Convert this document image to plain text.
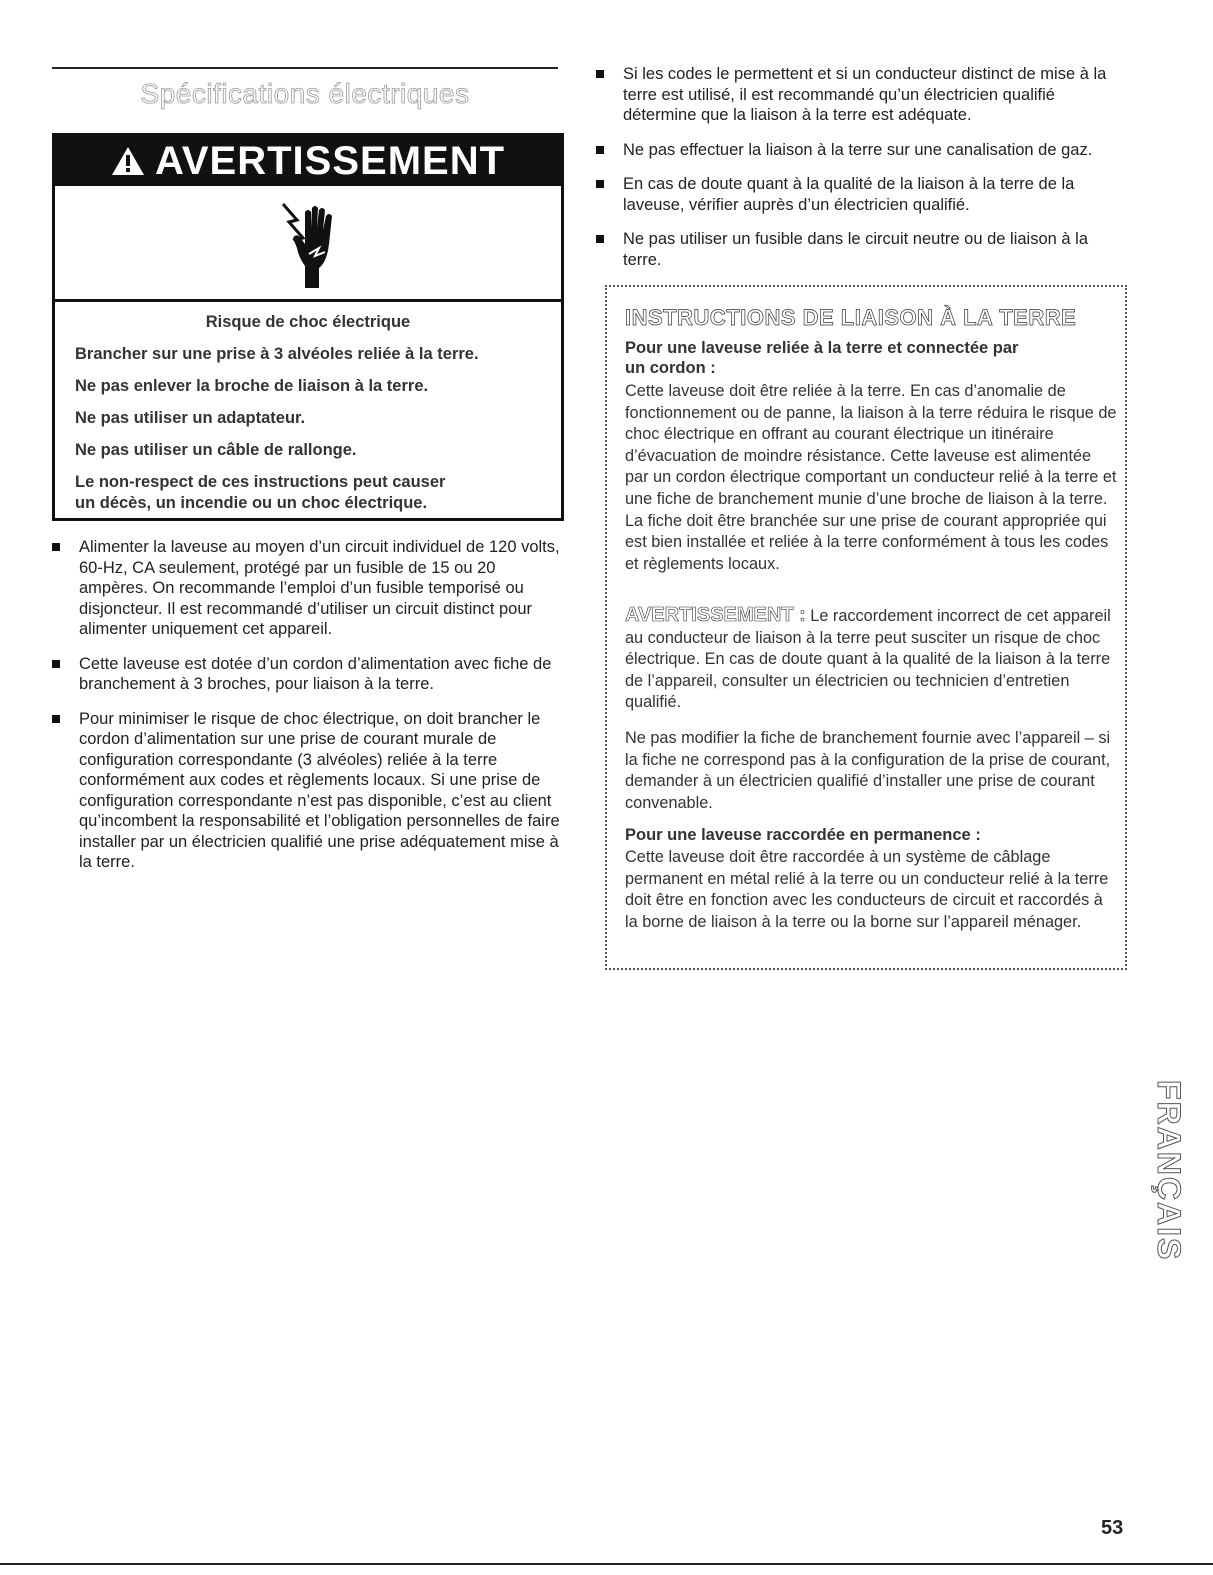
Spécifications électriques
AVERTISSEMENT
Risque de choc électrique
Brancher sur une prise à 3 alvéoles reliée à la terre.
Ne pas enlever la broche de liaison à la terre.
Ne pas utiliser un adaptateur.
Ne pas utiliser un câble de rallonge.
Le non-respect de ces instructions peut causer
un décès, un incendie ou un choc électrique.
Alimenter la laveuse au moyen d’un circuit individuel de 120 volts, 60-Hz, CA seulement, protégé par un fusible de 15 ou 20 ampères. On recommande l’emploi d’un fusible temporisé ou disjoncteur. Il est recommandé d’utiliser un circuit distinct pour alimenter uniquement cet appareil.
Cette laveuse est dotée d’un cordon d’alimentation avec fiche de branchement à 3 broches, pour liaison à la terre.
Pour minimiser le risque de choc électrique, on doit brancher le cordon d’alimentation sur une prise de courant murale de configuration correspondante (3 alvéoles) reliée à la terre conformément aux codes et règlements locaux. Si une prise de configuration correspondante n’est pas disponible, c’est au client qu’incombent la responsabilité et l’obligation personnelles de faire installer par un électricien qualifié une prise adéquatement mise à la terre.
Si les codes le permettent et si un conducteur distinct de mise à la terre est utilisé, il est recommandé qu’un électricien qualifié détermine que la liaison à la terre est adéquate.
Ne pas effectuer la liaison à la terre sur une canalisation de gaz.
En cas de doute quant à la qualité de la liaison à la terre de la laveuse, vérifier auprès d’un électricien qualifié.
Ne pas utiliser un fusible dans le circuit neutre ou de liaison à la terre.
INSTRUCTIONS DE LIAISON À LA TERRE
Pour une laveuse reliée à la terre et connectée par
un cordon :
Cette laveuse doit être reliée à la terre. En cas d’anomalie de fonctionnement ou de panne, la liaison à la terre réduira le risque de choc électrique en offrant au courant électrique un itinéraire d’évacuation de moindre résistance. Cette laveuse est alimentée par un cordon électrique comportant un conducteur relié à la terre et une fiche de branchement munie d’une broche de liaison à la terre. La fiche doit être branchée sur une prise de courant appropriée qui est bien installée et reliée à la terre conformément à tous les codes et règlements locaux.
AVERTISSEMENT : Le raccordement incorrect de cet appareil au conducteur de liaison à la terre peut susciter un risque de choc électrique. En cas de doute quant à la qualité de la liaison à la terre de l’appareil, consulter un électricien ou technicien d’entretien qualifié.
Ne pas modifier la fiche de branchement fournie avec l’appareil – si la fiche ne correspond pas à la configuration de la prise de courant, demander à un électricien qualifié d’installer une prise de courant convenable.
Pour une laveuse raccordée en permanence :
Cette laveuse doit être raccordée à un système de câblage permanent en métal relié à la terre ou un conducteur relié à la terre doit être en fonction avec les conducteurs de circuit et raccordés à la borne de liaison à la terre ou la borne sur l’appareil ménager.
FRANÇAIS
53
